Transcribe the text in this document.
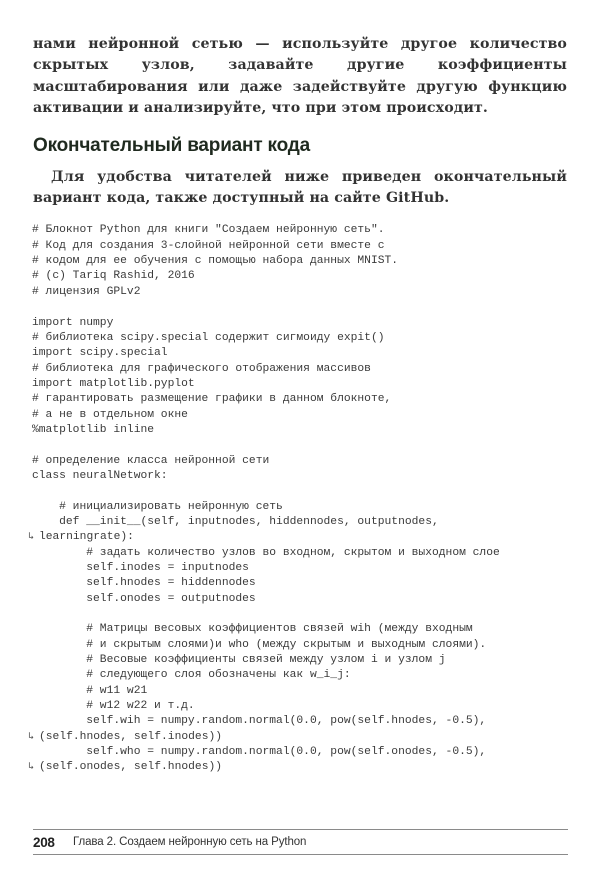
нами нейронной сетью — используйте другое количество скрытых узлов, задавайте другие коэффициенты масштабирования или даже задействуйте другую функцию активации и анализируйте, что при этом происходит.

Окончательный вариант кода

Для удобства читателей ниже приведен окончательный вариант кода, также доступный на сайте GitHub.

# Блокнот Python для книги "Создаем нейронную сеть".
# Код для создания 3-слойной нейронной сети вместе с
# кодом для ее обучения с помощью набора данных MNIST.
# (c) Tariq Rashid, 2016
# лицензия GPLv2
import numpy
# библиотека scipy.special содержит сигмоиду expit()
import scipy.special
# библиотека для графического отображения массивов
import matplotlib.pyplot
# гарантировать размещение графики в данном блокноте,
# а не в отдельном окне
%matplotlib inline
# определение класса нейронной сети
class neuralNetwork:
# инициализировать нейронную сеть
def __init__(self, inputnodes, hiddennodes, outputnodes,
↳ learningrate):
# задать количество узлов во входном, скрытом и выходном слое
self.inodes = inputnodes
self.hnodes = hiddennodes
self.onodes = outputnodes
# Матрицы весовых коэффициентов связей wih (между входным
# и скрытым слоями)и who (между скрытым и выходным слоями).
# Весовые коэффициенты связей между узлом i и узлом j
# следующего слоя обозначены как w_i_j:
# w11 w21
# w12 w22 и т.д.
self.wih = numpy.random.normal(0.0, pow(self.hnodes, -0.5),
↳ (self.hnodes, self.inodes))
self.who = numpy.random.normal(0.0, pow(self.onodes, -0.5),
↳ (self.onodes, self.hnodes))
208	Глава 2. Создаем нейронную сеть на Python
